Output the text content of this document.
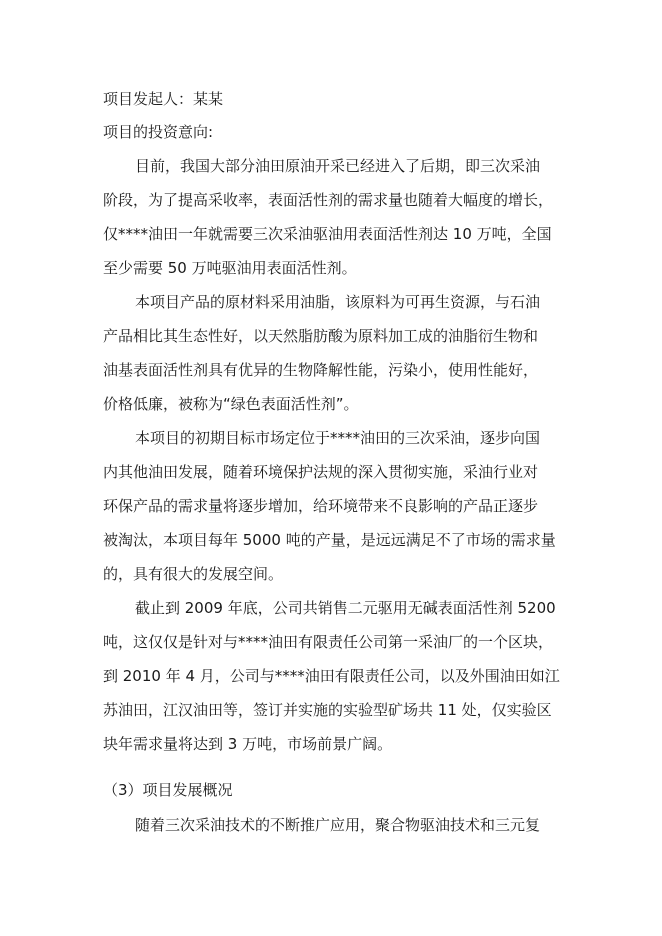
项目发起人：某某
项目的投资意向:
目前，我国大部分油田原油开采已经进入了后期，即三次采油
阶段，为了提高采收率，表面活性剂的需求量也随着大幅度的增长，
仅****油田一年就需要三次采油驱油用表面活性剂达 10 万吨，全国
至少需要 50 万吨驱油用表面活性剂。
本项目产品的原材料采用油脂，该原料为可再生资源，与石油
产品相比其生态性好，以天然脂肪酸为原料加工成的油脂衍生物和
油基表面活性剂具有优异的生物降解性能，污染小，使用性能好，
价格低廉，被称为“绿色表面活性剂”。
本项目的初期目标市场定位于****油田的三次采油，逐步向国
内其他油田发展，随着环境保护法规的深入贯彻实施，采油行业对
环保产品的需求量将逐步增加，给环境带来不良影响的产品正逐步
被淘汰，本项目每年 5000 吨的产量，是远远满足不了市场的需求量
的，具有很大的发展空间。
截止到 2009 年底，公司共销售二元驱用无碱表面活性剂 5200
吨，这仅仅是针对与****油田有限责任公司第一采油厂的一个区块，
到 2010 年 4 月，公司与****油田有限责任公司，以及外围油田如江
苏油田，江汉油田等，签订并实施的实验型矿场共 11 处，仅实验区
块年需求量将达到 3 万吨，市场前景广阔。
（3）项目发展概况
随着三次采油技术的不断推广应用，聚合物驱油技术和三元复
